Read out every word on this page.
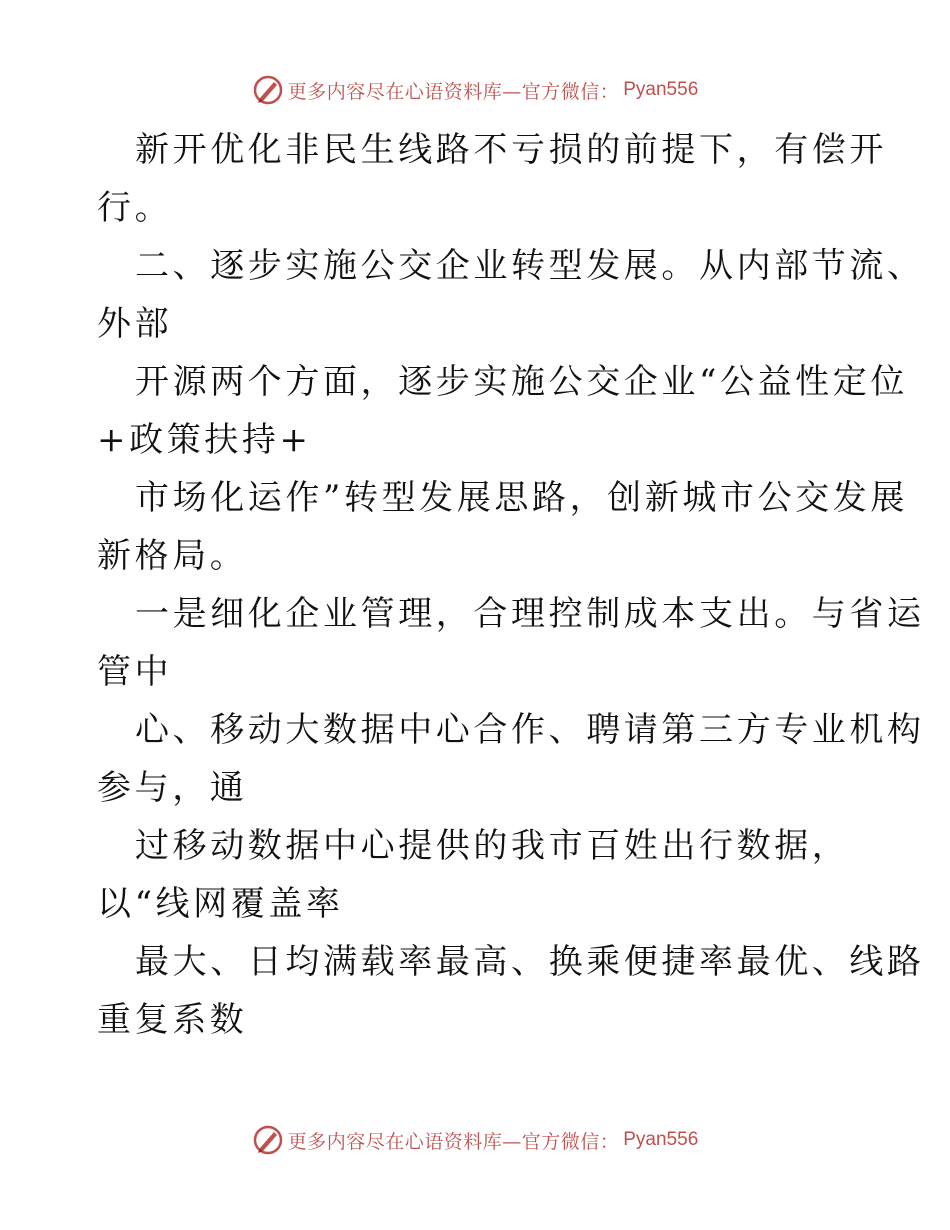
更多内容尽在心语资料库—官方微信： Pyan556
新开优化非民生线路不亏损的前提下，有偿开
行。
二、逐步实施公交企业转型发展。从内部节流、
外部
开源两个方面，逐步实施公交企业“公益性定位
+政策扶持+
市场化运作”转型发展思路，创新城市公交发展
新格局。
一是细化企业管理，合理控制成本支出。与省运
管中
心、移动大数据中心合作、聘请第三方专业机构
参与，通
过移动数据中心提供的我市百姓出行数据，
以“线网覆盖率
最大、日均满载率最高、换乘便捷率最优、线路
重复系数
更多内容尽在心语资料库—官方微信： Pyan556
